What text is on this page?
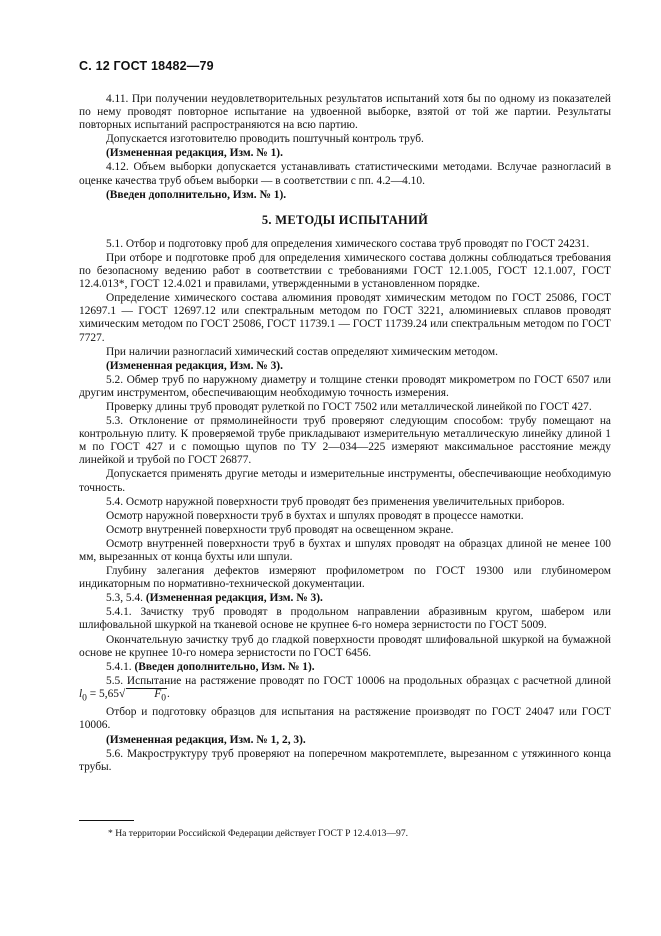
С. 12 ГОСТ 18482—79

4.11. При получении неудовлетворительных результатов испытаний хотя бы по одному из показателей по нему проводят повторное испытание на удвоенной выборке, взятой от той же партии. Результаты повторных испытаний распространяются на всю партию.

Допускается изготовителю проводить поштучный контроль труб.

(Измененная редакция, Изм. № 1).

4.12. Объем выборки допускается устанавливать статистическими методами. Вслучае разногласий в оценке качества труб объем выборки — в соответствии с пп. 4.2—4.10.

(Введен дополнительно, Изм. № 1).

5. МЕТОДЫ ИСПЫТАНИЙ

5.1. Отбор и подготовку проб для определения химического состава труб проводят по ГОСТ 24231.

При отборе и подготовке проб для определения химического состава должны соблюдаться требования по безопасному ведению работ в соответствии с требованиями ГОСТ 12.1.005, ГОСТ 12.1.007, ГОСТ 12.4.013*, ГОСТ 12.4.021 и правилами, утвержденными в установленном порядке.

Определение химического состава алюминия проводят химическим методом по ГОСТ 25086, ГОСТ 12697.1 — ГОСТ 12697.12 или спектральным методом по ГОСТ 3221, алюминиевых сплавов проводят химическим методом по ГОСТ 25086, ГОСТ 11739.1 — ГОСТ 11739.24 или спектральным методом по ГОСТ 7727.

При наличии разногласий химический состав определяют химическим методом.

(Измененная редакция, Изм. № 3).

5.2. Обмер труб по наружному диаметру и толщине стенки проводят микрометром по ГОСТ 6507 или другим инструментом, обеспечивающим необходимую точность измерения.

Проверку длины труб проводят рулеткой по ГОСТ 7502 или металлической линейкой по ГОСТ 427.

5.3. Отклонение от прямолинейности труб проверяют следующим способом: трубу помещают на контрольную плиту. К проверяемой трубе прикладывают измерительную металлическую линейку длиной 1 м по ГОСТ 427 и с помощью щупов по ТУ 2—034—225 измеряют максимальное расстояние между линейкой и трубой по ГОСТ 26877.

Допускается применять другие методы и измерительные инструменты, обеспечивающие необходимую точность.

5.4. Осмотр наружной поверхности труб проводят без применения увеличительных приборов.

Осмотр наружной поверхности труб в бухтах и шпулях проводят в процессе намотки.

Осмотр внутренней поверхности труб проводят на освещенном экране.

Осмотр внутренней поверхности труб в бухтах и шпулях проводят на образцах длиной не менее 100 мм, вырезанных от конца бухты или шпули.

Глубину залегания дефектов измеряют профилометром по ГОСТ 19300 или глубиномером индикаторным по нормативно-технической документации.

5.3, 5.4. (Измененная редакция, Изм. № 3).

5.4.1. Зачистку труб проводят в продольном направлении абразивным кругом, шабером или шлифовальной шкуркой на тканевой основе не крупнее 6-го номера зернистости по ГОСТ 5009.

Окончательную зачистку труб до гладкой поверхности проводят шлифовальной шкуркой на бумажной основе не крупнее 10-го номера зернистости по ГОСТ 6456.

5.4.1. (Введен дополнительно, Изм. № 1).

5.5. Испытание на растяжение проводят по ГОСТ 10006 на продольных образцах с расчетной длиной $l_0 = 5,65√$	$F_0$.

Отбор и подготовку образцов для испытания на растяжение производят по ГОСТ 24047 или ГОСТ 10006.

(Измененная редакция, Изм. № 1, 2, 3).

5.6. Макроструктуру труб проверяют на поперечном макротемплете, вырезанном с утяжинного конца трубы.

* На территории Российской Федерации действует ГОСТ Р 12.4.013—97.
